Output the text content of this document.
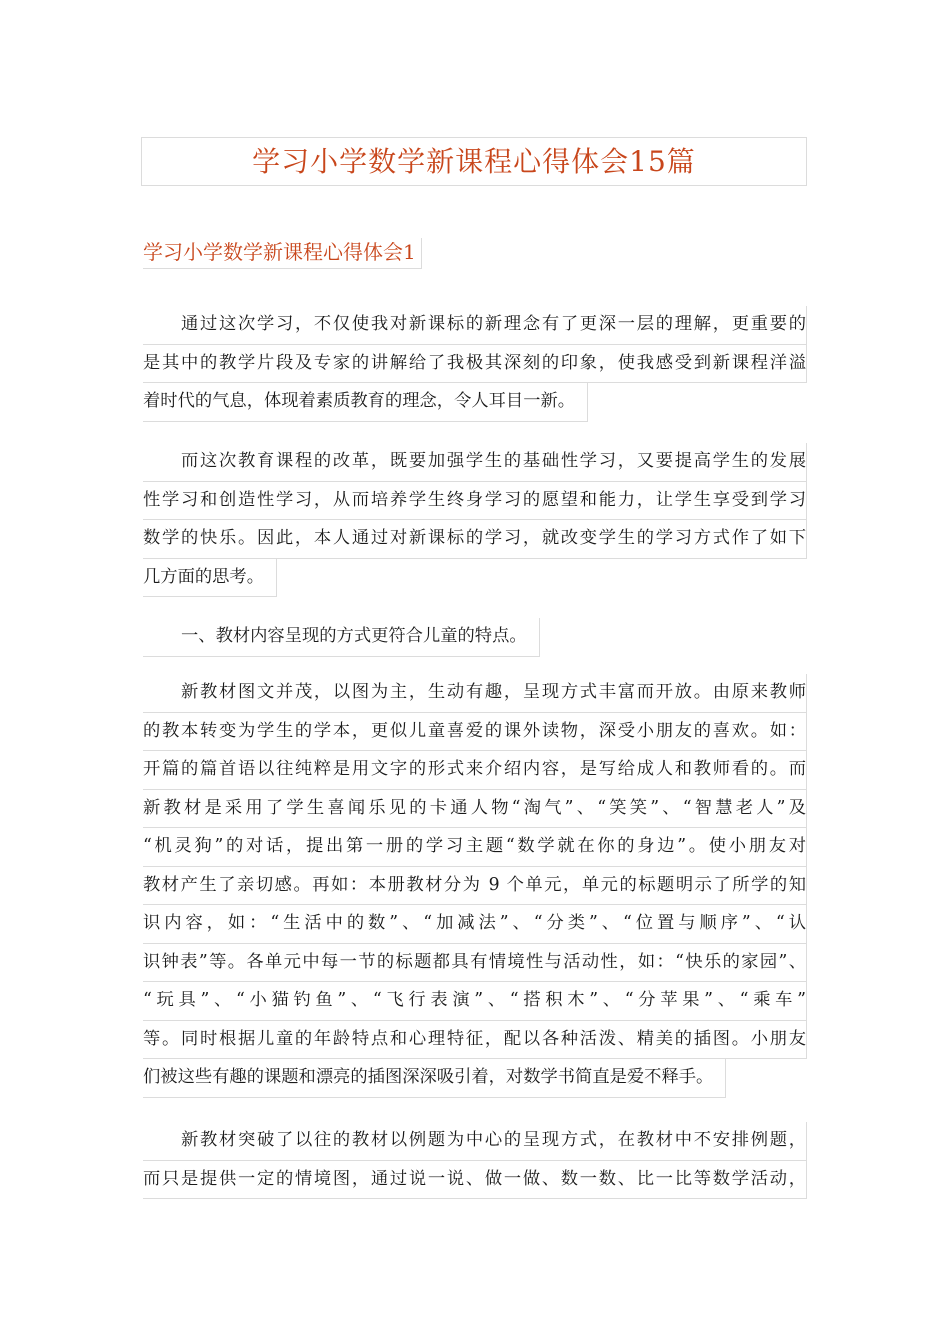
学习小学数学新课程心得体会15篇
学习小学数学新课程心得体会1
通过这次学习，不仅使我对新课标的新理念有了更深一层的理解，更重要的
是其中的教学片段及专家的讲解给了我极其深刻的印象，使我感受到新课程洋溢
着时代的气息，体现着素质教育的理念，令人耳目一新。
而这次教育课程的改革，既要加强学生的基础性学习，又要提高学生的发展
性学习和创造性学习，从而培养学生终身学习的愿望和能力，让学生享受到学习
数学的快乐。因此，本人通过对新课标的学习，就改变学生的学习方式作了如下
几方面的思考。
一、教材内容呈现的方式更符合儿童的特点。
新教材图文并茂，以图为主，生动有趣，呈现方式丰富而开放。由原来教师
的教本转变为学生的学本，更似儿童喜爱的课外读物，深受小朋友的喜欢。如：
开篇的篇首语以往纯粹是用文字的形式来介绍内容，是写给成人和教师看的。而
新教材是采用了学生喜闻乐见的卡通人物“淘气”、“笑笑”、“智慧老人”及
“机灵狗”的对话，提出第一册的学习主题“数学就在你的身边”。使小朋友对
教材产生了亲切感。再如：本册教材分为 9 个单元，单元的标题明示了所学的知
识内容，如：“生活中的数”、“加减法”、“分类”、“位置与顺序”、“认
识钟表”等。各单元中每一节的标题都具有情境性与活动性，如：“快乐的家园”、
“玩具”、“小猫钓鱼”、“飞行表演”、“搭积木”、“分苹果”、“乘车”
等。同时根据儿童的年龄特点和心理特征，配以各种活泼、精美的插图。小朋友
们被这些有趣的课题和漂亮的插图深深吸引着，对数学书简直是爱不释手。
新教材突破了以往的教材以例题为中心的呈现方式，在教材中不安排例题，
而只是提供一定的情境图，通过说一说、做一做、数一数、比一比等数学活动，
